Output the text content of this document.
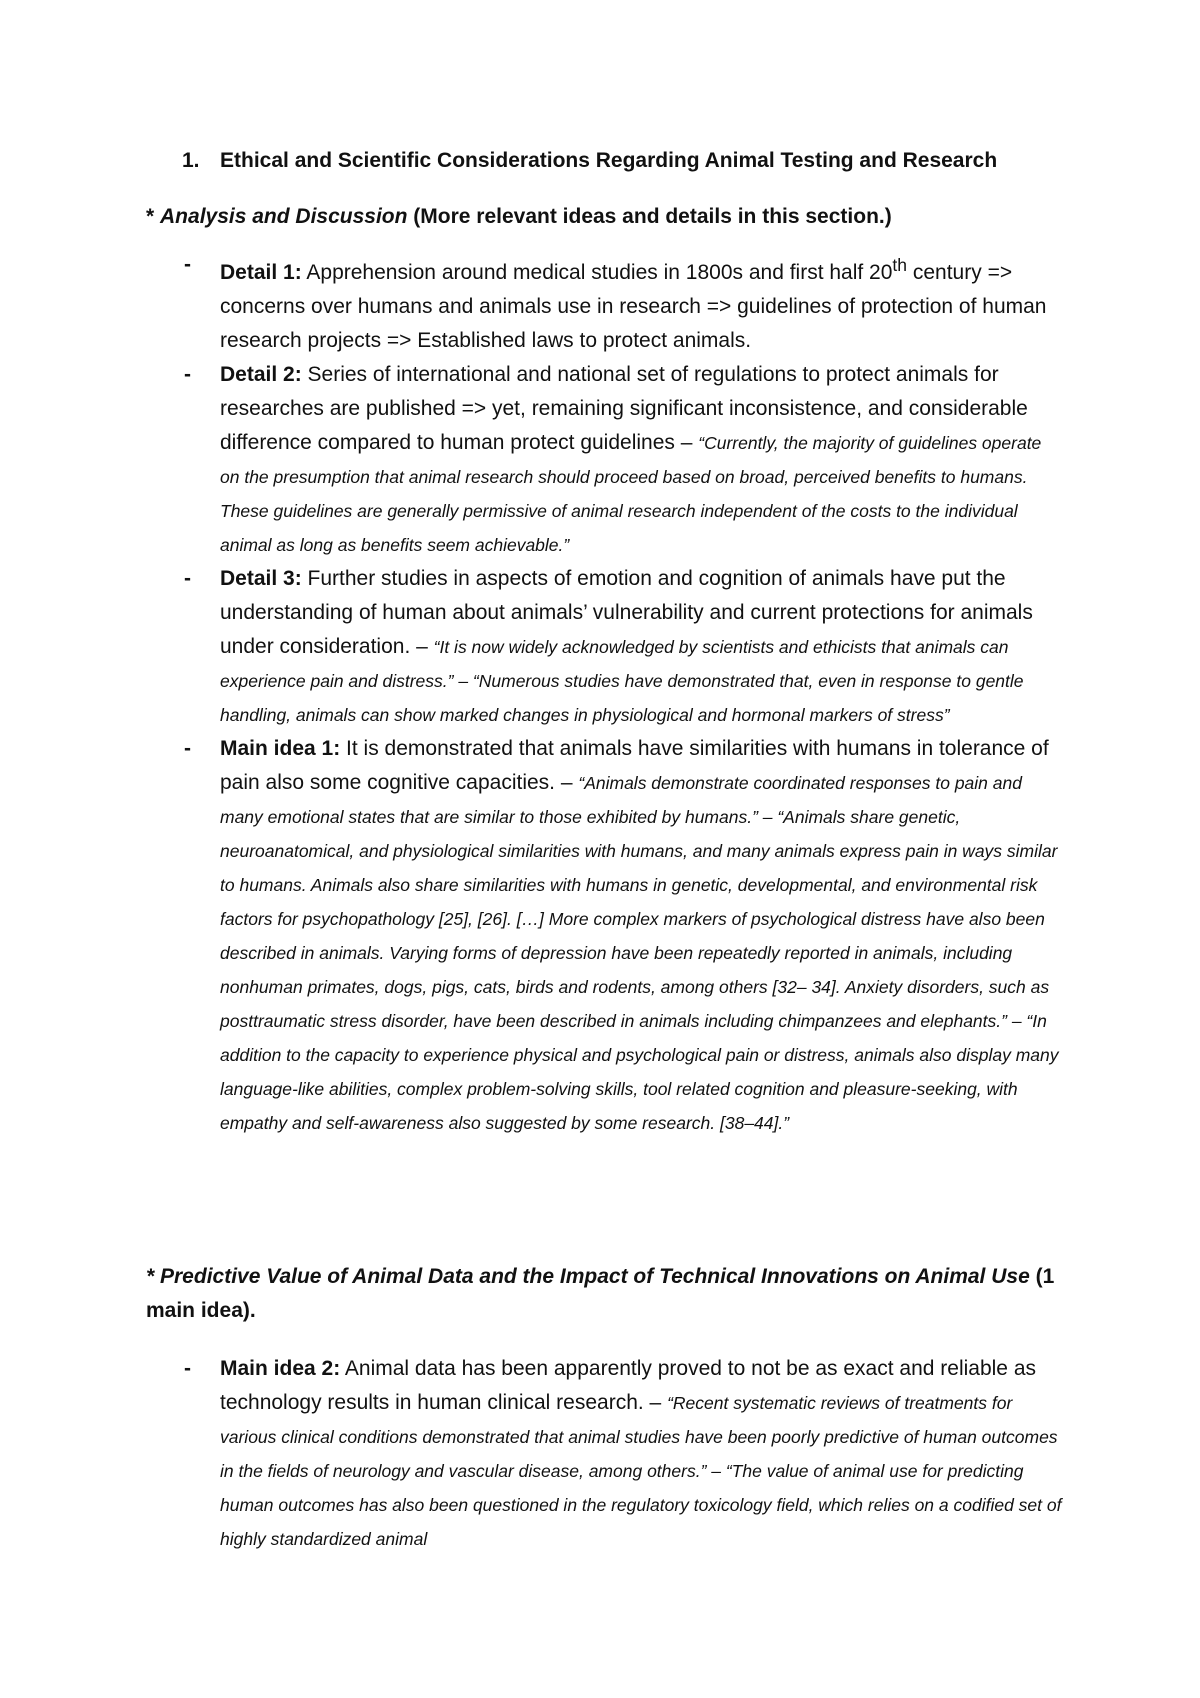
1. Ethical and Scientific Considerations Regarding Animal Testing and Research
* Analysis and Discussion (More relevant ideas and details in this section.)
- Detail 1: Apprehension around medical studies in 1800s and first half 20th century => concerns over humans and animals use in research => guidelines of protection of human research projects => Established laws to protect animals.
- Detail 2: Series of international and national set of regulations to protect animals for researches are published => yet, remaining significant inconsistence, and considerable difference compared to human protect guidelines – “Currently, the majority of guidelines operate on the presumption that animal research should proceed based on broad, perceived benefits to humans. These guidelines are generally permissive of animal research independent of the costs to the individual animal as long as benefits seem achievable.”
- Detail 3: Further studies in aspects of emotion and cognition of animals have put the understanding of human about animals’ vulnerability and current protections for animals under consideration. – “It is now widely acknowledged by scientists and ethicists that animals can experience pain and distress.” – “Numerous studies have demonstrated that, even in response to gentle handling, animals can show marked changes in physiological and hormonal markers of stress”
- Main idea 1: It is demonstrated that animals have similarities with humans in tolerance of pain also some cognitive capacities. – “Animals demonstrate coordinated responses to pain and many emotional states that are similar to those exhibited by humans.” – “Animals share genetic, neuroanatomical, and physiological similarities with humans, and many animals express pain in ways similar to humans. Animals also share similarities with humans in genetic, developmental, and environmental risk factors for psychopathology [25], [26]. […] More complex markers of psychological distress have also been described in animals. Varying forms of depression have been repeatedly reported in animals, including nonhuman primates, dogs, pigs, cats, birds and rodents, among others [32– 34]. Anxiety disorders, such as posttraumatic stress disorder, have been described in animals including chimpanzees and elephants.” – “In addition to the capacity to experience physical and psychological pain or distress, animals also display many language-like abilities, complex problem-solving skills, tool related cognition and pleasure-seeking, with empathy and self-awareness also suggested by some research. [38–44].”
* Predictive Value of Animal Data and the Impact of Technical Innovations on Animal Use (1 main idea).
- Main idea 2: Animal data has been apparently proved to not be as exact and reliable as technology results in human clinical research. – “Recent systematic reviews of treatments for various clinical conditions demonstrated that animal studies have been poorly predictive of human outcomes in the fields of neurology and vascular disease, among others.” – “The value of animal use for predicting human outcomes has also been questioned in the regulatory toxicology field, which relies on a codified set of highly standardized animal
